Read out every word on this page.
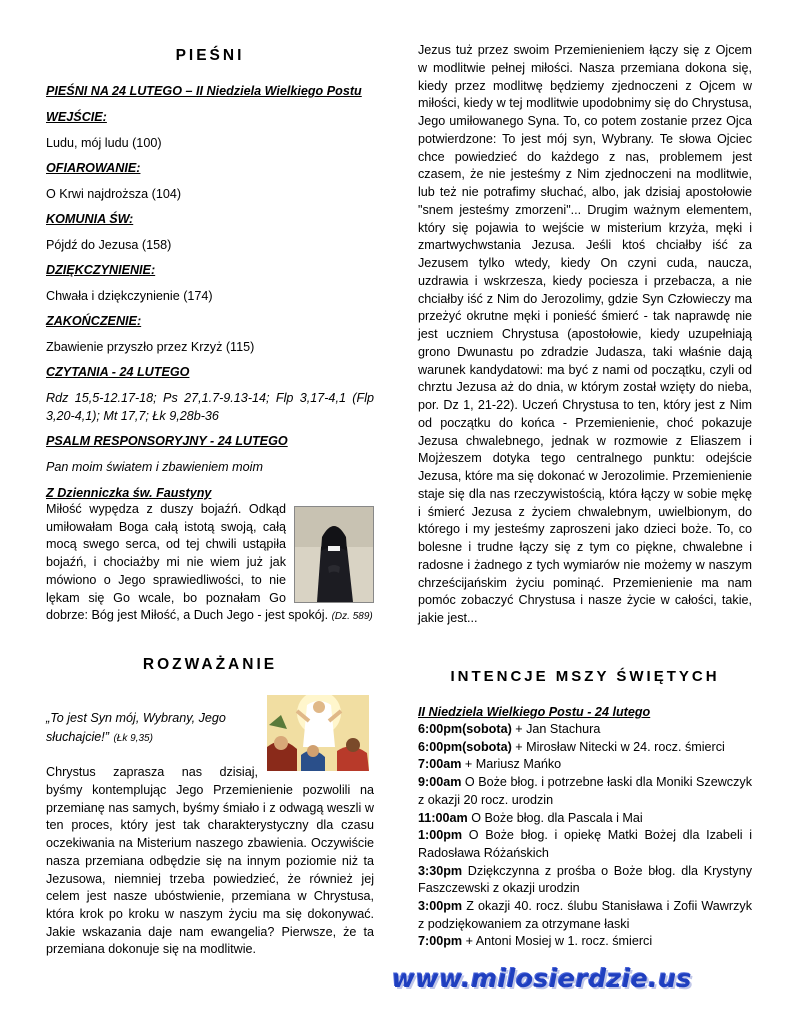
PIEŚNI
PIEŚNI NA 24 LUTEGO – II Niedziela Wielkiego Postu
WEJŚCIE:
Ludu, mój ludu (100)
OFIAROWANIE:
O Krwi najdroższa (104)
KOMUNIA ŚW:
Pójdź do Jezusa (158)
DZIĘKCZYNIENIE:
Chwała i dziękczynienie (174)
ZAKOŃCZENIE:
Zbawienie przyszło przez Krzyż (115)
CZYTANIA - 24 LUTEGO
Rdz 15,5-12.17-18; Ps 27,1.7-9.13-14; Flp 3,17-4,1 (Flp 3,20-4,1); Mt 17,7; Łk 9,28b-36
PSALM RESPONSORYJNY - 24 LUTEGO
Pan moim światem i zbawieniem moim
Z Dzienniczka św. Faustyny
Miłość wypędza z duszy bojaźń. Odkąd
umiłowałam Boga całą istotą swoją, całą
mocą swego serca, od tej chwili ustąpiła
bojaźń, i chociażby mi nie wiem już jak
mówiono o Jego sprawiedliwości, to nie
lękam się Go wcale, bo poznałam Go
dobrze: Bóg jest Miłość, a Duch Jego - jest spokój. (Dz. 589)
ROZWAŻANIE
„To jest Syn mój, Wybrany, Jego słuchajcie!” (Łk 9,35)
Chrystus zaprasza nas dzisiaj,
byśmy kontemplując Jego Przemienienie pozwolili na przemianę nas samych, byśmy śmiało i z odwagą weszli w ten proces, który jest tak charakterystyczny dla czasu oczekiwania na Misterium naszego zbawienia. Oczywiście nasza przemiana odbędzie się na innym poziomie niż ta Jezusowa, niemniej trzeba powiedzieć, że również jej celem jest nasze ubóstwienie, przemiana w Chrystusa, która krok po kroku w naszym życiu ma się dokonywać. Jakie wskazania daje nam ewangelia? Pierwsze, że ta przemiana dokonuje się na modlitwie.
Jezus tuż przez swoim Przemienieniem łączy się z Ojcem w modlitwie pełnej miłości. Nasza przemiana dokona się, kiedy przez modlitwę będziemy zjednoczeni z Ojcem w miłości, kiedy w tej modlitwie upodobnimy się do Chrystusa, Jego umiłowanego Syna. To, co potem zostanie przez Ojca potwierdzone: To jest mój syn, Wybrany. Te słowa Ojciec chce powiedzieć do każdego z nas, problemem jest czasem, że nie jesteśmy z Nim zjednoczeni na modlitwie, lub też nie potrafimy słuchać, albo, jak dzisiaj apostołowie "snem jesteśmy zmorzeni"... Drugim ważnym elementem, który się pojawia to wejście w misterium krzyża, męki i zmartwychwstania Jezusa. Jeśli ktoś chciałby iść za Jezusem tylko wtedy, kiedy On czyni cuda, naucza, uzdrawia i wskrzesza, kiedy pociesza i przebacza, a nie chciałby iść z Nim do Jerozolimy, gdzie Syn Człowieczy ma przeżyć okrutne męki i ponieść śmierć - tak naprawdę nie jest uczniem Chrystusa (apostołowie, kiedy uzupełniają grono Dwunastu po zdradzie Judasza, taki właśnie dają warunek kandydatowi: ma być z nami od początku, czyli od chrztu Jezusa aż do dnia, w którym został wzięty do nieba, por. Dz 1, 21-22). Uczeń Chrystusa to ten, który jest z Nim od początku do końca - Przemienienie, choć pokazuje Jezusa chwalebnego, jednak w rozmowie z Eliaszem i Mojżeszem dotyka tego centralnego punktu: odejście Jezusa, które ma się dokonać w Jerozolimie. Przemienienie staje się dla nas rzeczywistością, która łączy w sobie mękę i śmierć Jezusa z życiem chwalebnym, uwielbionym, do którego i my jesteśmy zaproszeni jako dzieci boże. To, co bolesne i trudne łączy się z tym co piękne, chwalebne i radosne i żadnego z tych wymiarów nie możemy w naszym chrześcijańskim życiu pominąć. Przemienienie ma nam pomóc zobaczyć Chrystusa i nasze życie w całości, takie, jakie jest...
INTENCJE MSZY ŚWIĘTYCH
II Niedziela Wielkiego Postu - 24 lutego
6:00pm(sobota) + Jan Stachura
6:00pm(sobota) + Mirosław Nitecki w 24. rocz. śmierci
7:00am + Mariusz Mańko
9:00am O Boże błog. i potrzebne łaski dla Moniki Szewczyk z okazji 20 rocz. urodzin
11:00am O Boże błog. dla Pascala i Mai
1:00pm O Boże błog. i opiekę Matki Bożej dla Izabeli i Radosława Różańskich
3:30pm Dziękczynna z prośba o Boże błog. dla Krystyny Faszczewski z okazji urodzin
3:00pm Z okazji 40. rocz. ślubu Stanisława i Zofii Wawrzyk z podziękowaniem za otrzymane łaski
7:00pm + Antoni Mosiej w 1. rocz. śmierci
www.milosierdzie.us
